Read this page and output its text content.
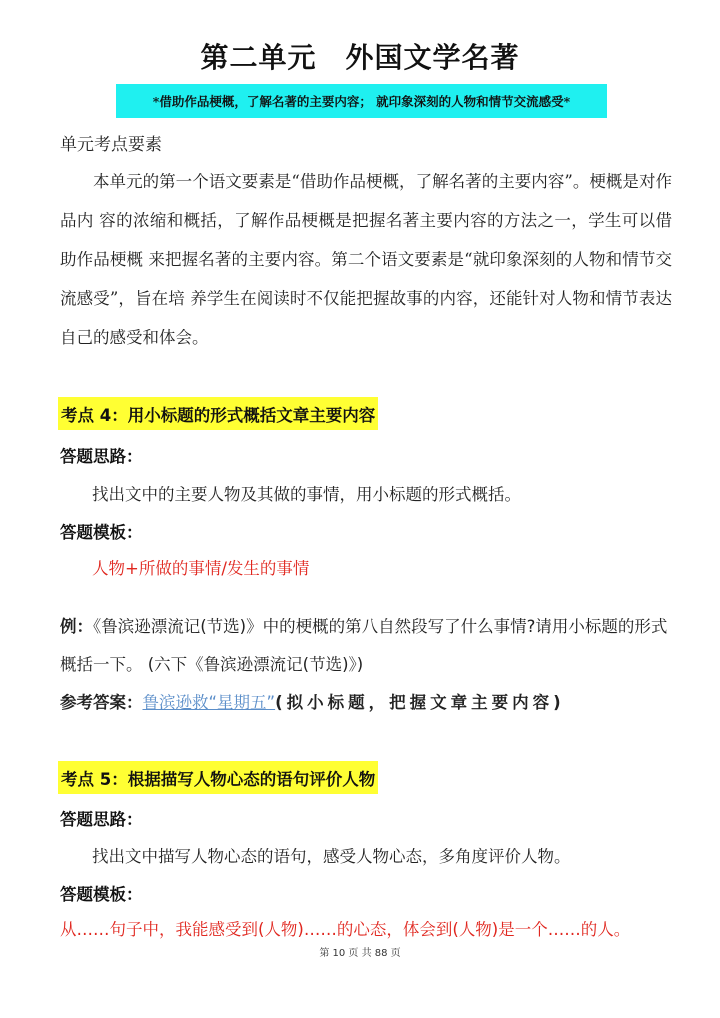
第二单元　外国文学名著
*借助作品梗概，了解名著的主要内容； 就印象深刻的人物和情节交流感受*
单元考点要素
本单元的第一个语文要素是“借助作品梗概，了解名著的主要内容”。梗概是对作品内 容的浓缩和概括，了解作品梗概是把握名著主要内容的方法之一，学生可以借助作品梗概 来把握名著的主要内容。第二个语文要素是“就印象深刻的人物和情节交流感受”，旨在培 养学生在阅读时不仅能把握故事的内容，还能针对人物和情节表达自己的感受和体会。
考点 4：用小标题的形式概括文章主要内容
答题思路：
找出文中的主要人物及其做的事情，用小标题的形式概括。
答题模板：
人物+所做的事情/发生的事情
例：《鲁滨逊漂流记(节选)》中的梗概的第八自然段写了什么事情?请用小标题的形式概括一下。 (六下《鲁滨逊漂流记(节选)》)
参考答案：鲁滨逊救“星期五”(拟小标题，把握文章主要内容)
考点 5：根据描写人物心态的语句评价人物
答题思路：
找出文中描写人物心态的语句，感受人物心态，多角度评价人物。
答题模板：
从……句子中，我能感受到(人物)……的心态，体会到(人物)是一个……的人。
第 10 页 共 88 页
